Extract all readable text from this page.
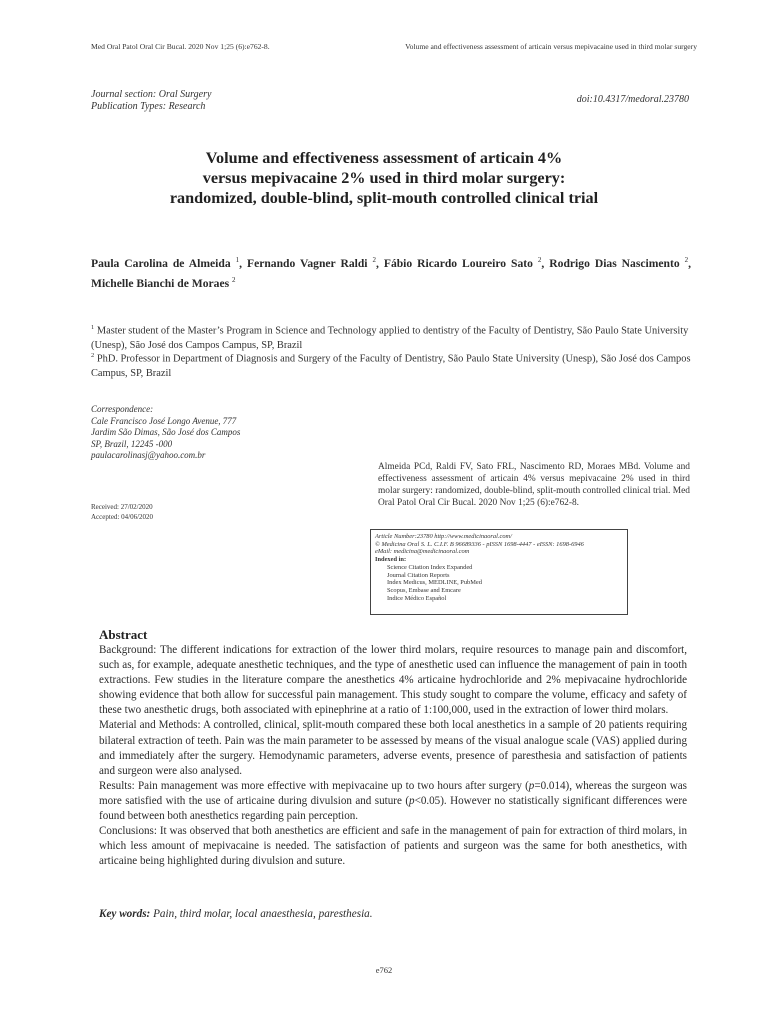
Med Oral Patol Oral Cir Bucal. 2020 Nov 1;25 (6):e762-8.	Volume and effectiveness assessment of articain versus mepivacaine used in third molar surgery
Journal section: Oral Surgery
Publication Types: Research
doi:10.4317/medoral.23780
Volume and effectiveness assessment of articain 4%
versus mepivacaine 2% used in third molar surgery:
randomized, double-blind, split-mouth controlled clinical trial
Paula Carolina de Almeida $^1$, Fernando Vagner Raldi $^2$, Fábio Ricardo Loureiro Sato $^2$, Rodrigo Dias Nascimento $^2$, Michelle Bianchi de Moraes $^2$
$^1$ Master student of the Master’s Program in Science and Technology applied to dentistry of the Faculty of Dentistry, São Paulo State University (Unesp), São José dos Campos Campus, SP, Brazil
$^2$ PhD. Professor in Department of Diagnosis and Surgery of the Faculty of Dentistry, São Paulo State University (Unesp), São José dos Campos Campus, SP, Brazil
Correspondence:
Cale Francisco José Longo Avenue, 777
Jardim São Dimas, São José dos Campos
SP, Brazil, 12245 -000
paulacarolinasj@yahoo.com.br
Received: 27/02/2020
Accepted: 04/06/2020
Almeida PCd, Raldi FV, Sato FRL, Nascimento RD, Moraes MBd. Volume and effectiveness assessment of articain 4% versus mepivacaine 2% used in third molar surgery: randomized, double-blind, split-mouth controlled clinical trial. Med Oral Patol Oral Cir Bucal. 2020 Nov 1;25 (6):e762-8.
Article Number:23780 http://www.medicinaoral.com/
© Medicina Oral S. L. C.I.F. B 96689336 - pISSN 1698-4447 - eISSN: 1698-6946
eMail: medicina@medicinaoral.com
Indexed in:
Science Citation Index Expanded
Journal Citation Reports
Index Medicus, MEDLINE, PubMed
Scopus, Embase and Emcare
Indice Médico Español
Abstract

Background: The different indications for extraction of the lower third molars, require resources to manage pain and discomfort, such as, for example, adequate anesthetic techniques, and the type of anesthetic used can influence the management of pain in tooth extractions. Few studies in the literature compare the anesthetics 4% articaine hydrochloride and 2% mepivacaine hydrochloride showing evidence that both allow for successful pain management. This study sought to compare the volume, efficacy and safety of these two anesthetic drugs, both associated with epinephrine at a ratio of 1:100,000, used in the extraction of lower third molars.

Material and Methods: A controlled, clinical, split-mouth compared these both local anesthetics in a sample of 20 patients requiring bilateral extraction of teeth. Pain was the main parameter to be assessed by means of the visual analogue scale (VAS) applied during and immediately after the surgery. Hemodynamic parameters, adverse events, presence of paresthesia and satisfaction of patients and surgeon were also analysed.

Results: Pain management was more effective with mepivacaine up to two hours after surgery (p=0.014), whereas the surgeon was more satisfied with the use of articaine during divulsion and suture (p<0.05). However no statistically significant differences were found between both anesthetics regarding pain perception.

Conclusions: It was observed that both anesthetics are efficient and safe in the management of pain for extraction of third molars, in which less amount of mepivacaine is needed. The satisfaction of patients and surgeon was the same for both anesthetics, with articaine being highlighted during divulsion and suture.

Key words: Pain, third molar, local anaesthesia, paresthesia.
e762
